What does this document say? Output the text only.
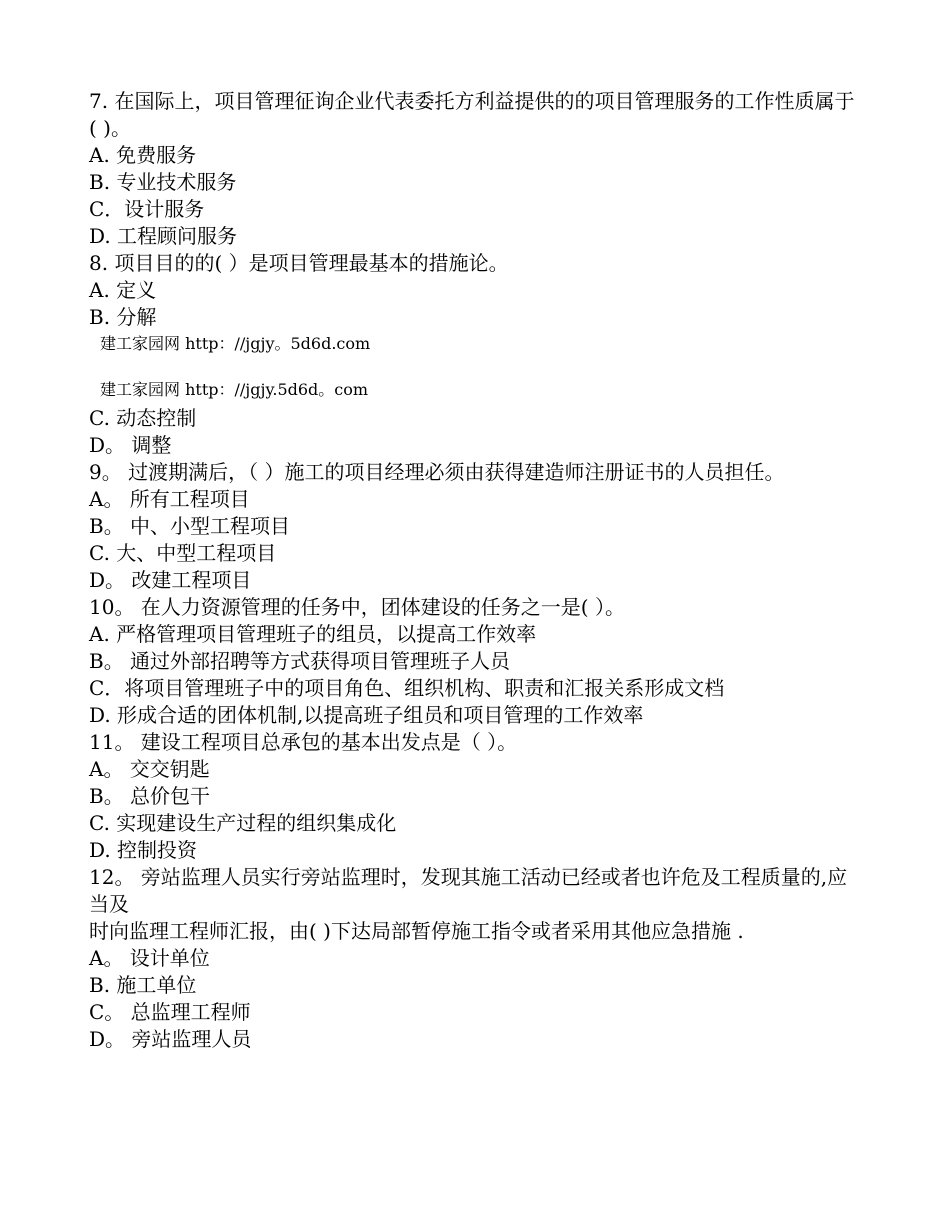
7. 在国际上，项目管理征询企业代表委托方利益提供的的项目管理服务的工作性质属于
( )。
A. 免费服务
B. 专业技术服务
C．设计服务
D. 工程顾问服务
8. 项目目的的( ）是项目管理最基本的措施论。
A. 定义
B. 分解
建工家园网 http：//jgjy。5d6d.com
建工家园网 http：//jgjy.5d6d。com
C. 动态控制
D。 调整
9。 过渡期满后，（ ）施工的项目经理必须由获得建造师注册证书的人员担任。
A。 所有工程项目
B。 中、小型工程项目
C. 大、中型工程项目
D。 改建工程项目
10。 在人力资源管理的任务中，团体建设的任务之一是( ）。
A. 严格管理项目管理班子的组员，以提高工作效率
B。 通过外部招聘等方式获得项目管理班子人员
C．将项目管理班子中的项目角色、组织机构、职责和汇报关系形成文档
D. 形成合适的团体机制,以提高班子组员和项目管理的工作效率
11。 建设工程项目总承包的基本出发点是（ ）。
A。 交交钥匙
B。 总价包干
C. 实现建设生产过程的组织集成化
D. 控制投资
12。 旁站监理人员实行旁站监理时，发现其施工活动已经或者也许危及工程质量的,应当及
时向监理工程师汇报，由( )下达局部暂停施工指令或者采用其他应急措施 .
A。 设计单位
B. 施工单位
C。 总监理工程师
D。 旁站监理人员
